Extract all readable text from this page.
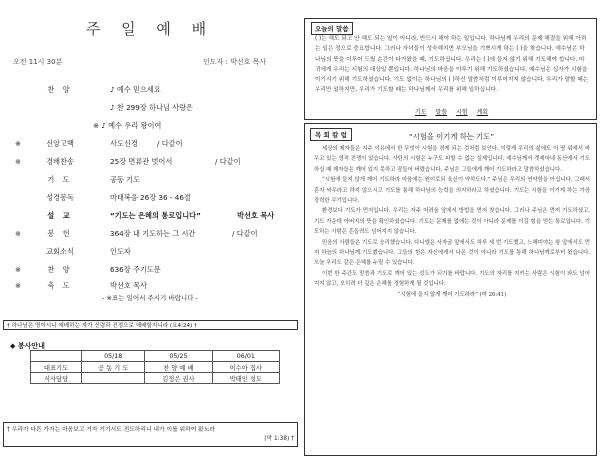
주 일 예 배
오전 11시 30분	인도자 : 박선호 목사
찬 양	♪ 예수 믿으세요
♪ 찬 299장 하나님 사랑은
※ ♪ 예수 우리 왕이여
※	신앙고백	사도신경	/ 다같이
※	경배찬송	25장 면류관 벗어서	/ 다같이
기 도	공동 기도
성경봉독	마태복음 26장 36 - 46절
설 교	“기도는 은혜의 통로입니다”	박선호 목사
※	봉 헌	364장 내 기도하는 그 시간	/ 다같이
교회소식	인도자
※	찬 양	636장 주기도문
※	축 도	박선호 목사
- ※표는 일어서 주시기 바랍니다 -
† 하나님은 영이시니 예배하는 자가 신령과 진정으로 예배할지니라 (요4:24) †
◆ 봉사안내
	05/18	05/25	06/01
대표기도	공 동 기 도	찬 양 예 배	이수아 집사
식사담당		김정은 권사	박태인 성도
† 우리가 다른 가자는 마음보고 거자 거기서도 전도하리니 내가 이를 위하여 왔노라
(막 1:38) †
오늘의 말씀
( )는 해도 되고 안 해도 되는 일이 아니라, 반드시 해야 하는 일입니다. 하나님께 우리의 문제 해결을 위해 아뢰는 일은 정으로 중요합니다. 그러나 자녀들이 성숙해지면 부모님을 기쁘시게 하는 ( )을 찾습니다. 예수님은 하나님의 뜻을 이루어 드릴 순간이 다가왔을 때, 기도하십니다. 우리는 ( )에 들지 않기 위해 기도해야 합니다. 마귀에게 우리는 시험의 대상일 뿐입니다. 하나님의 마음을 이루기 위해 기도하셨습니다. 예수님은 십자가 시험을 이기시기 위해 기도하셨습니다. 기도 없이는 하나님의 ( )하신 말씀처럼 이루어지지 않습니다. 우리가 말할 때는 우리만 일하지만, 우리가 기도할 때는 하나님께서 우리를 위해 일하십니다.
기도 말씀 시험 계획
목 회 칼 럼	“시험을 이기게 하는 기도”

세상의 제자들은 지주 이유에서 한 무엇이 시험을 겪게 되는 것처럼 보인다. 이렇게 우리의 삶에도 이 땅 위에서 싸우고 있는 영적 전쟁이 있습니다. 사탄의 시험은 누구도 피할 수 없는 실제입니다. 예수님께서 겟세마네 동산에서 기도하실 때 제자들은 깨어 있지 못하고 잠들어 버렸습니다. 주님은 그들에게 깨어 기도하라고 말씀하셨습니다.

“시험에 들지 않게 깨어 기도하라 마음에는 원이로되 육신이 약하도다.” 주님은 우리의 연약함을 아십니다. 그래서 혼자 싸우라고 하지 않으시고 기도를 통해 하나님의 능력을 의지하라고 하셨습니다. 기도는 시험을 이기게 하는 가장 강력한 무기입니다.

환경보다 기도가 먼저입니다. 우리는 자주 어려움 앞에서 방법을 먼저 찾습니다. 그러나 주님은 먼저 기도하셨고, 기도 가운데 아버지의 뜻을 확인하셨습니다. 기도는 문제를 없애는 것이 아니라 문제를 이길 힘을 얻는 통로입니다. 기도하는 사람은 흔들려도 넘어지지 않습니다.

믿음의 사람들은 기도로 승리했습니다. 다니엘은 사자굴 앞에서도 하루 세 번 기도했고, 느헤미야는 왕 앞에서도 먼저 하늘의 하나님께 기도했습니다. 그들의 힘은 자신에게서 나온 것이 아니라 기도를 통해 하나님께로부터 왔습니다. 오늘 우리도 같은 은혜를 누릴 수 있습니다.

이번 한 주간도 말씀과 기도로 깨어 있는 성도가 되기를 바랍니다. 기도의 자리를 지키는 사람은 시험이 와도 넘어지지 않고, 오히려 더 깊은 은혜를 경험하게 될 것입니다.

“시험에 들지 않게 깨어 기도하라” (마 26:41)
